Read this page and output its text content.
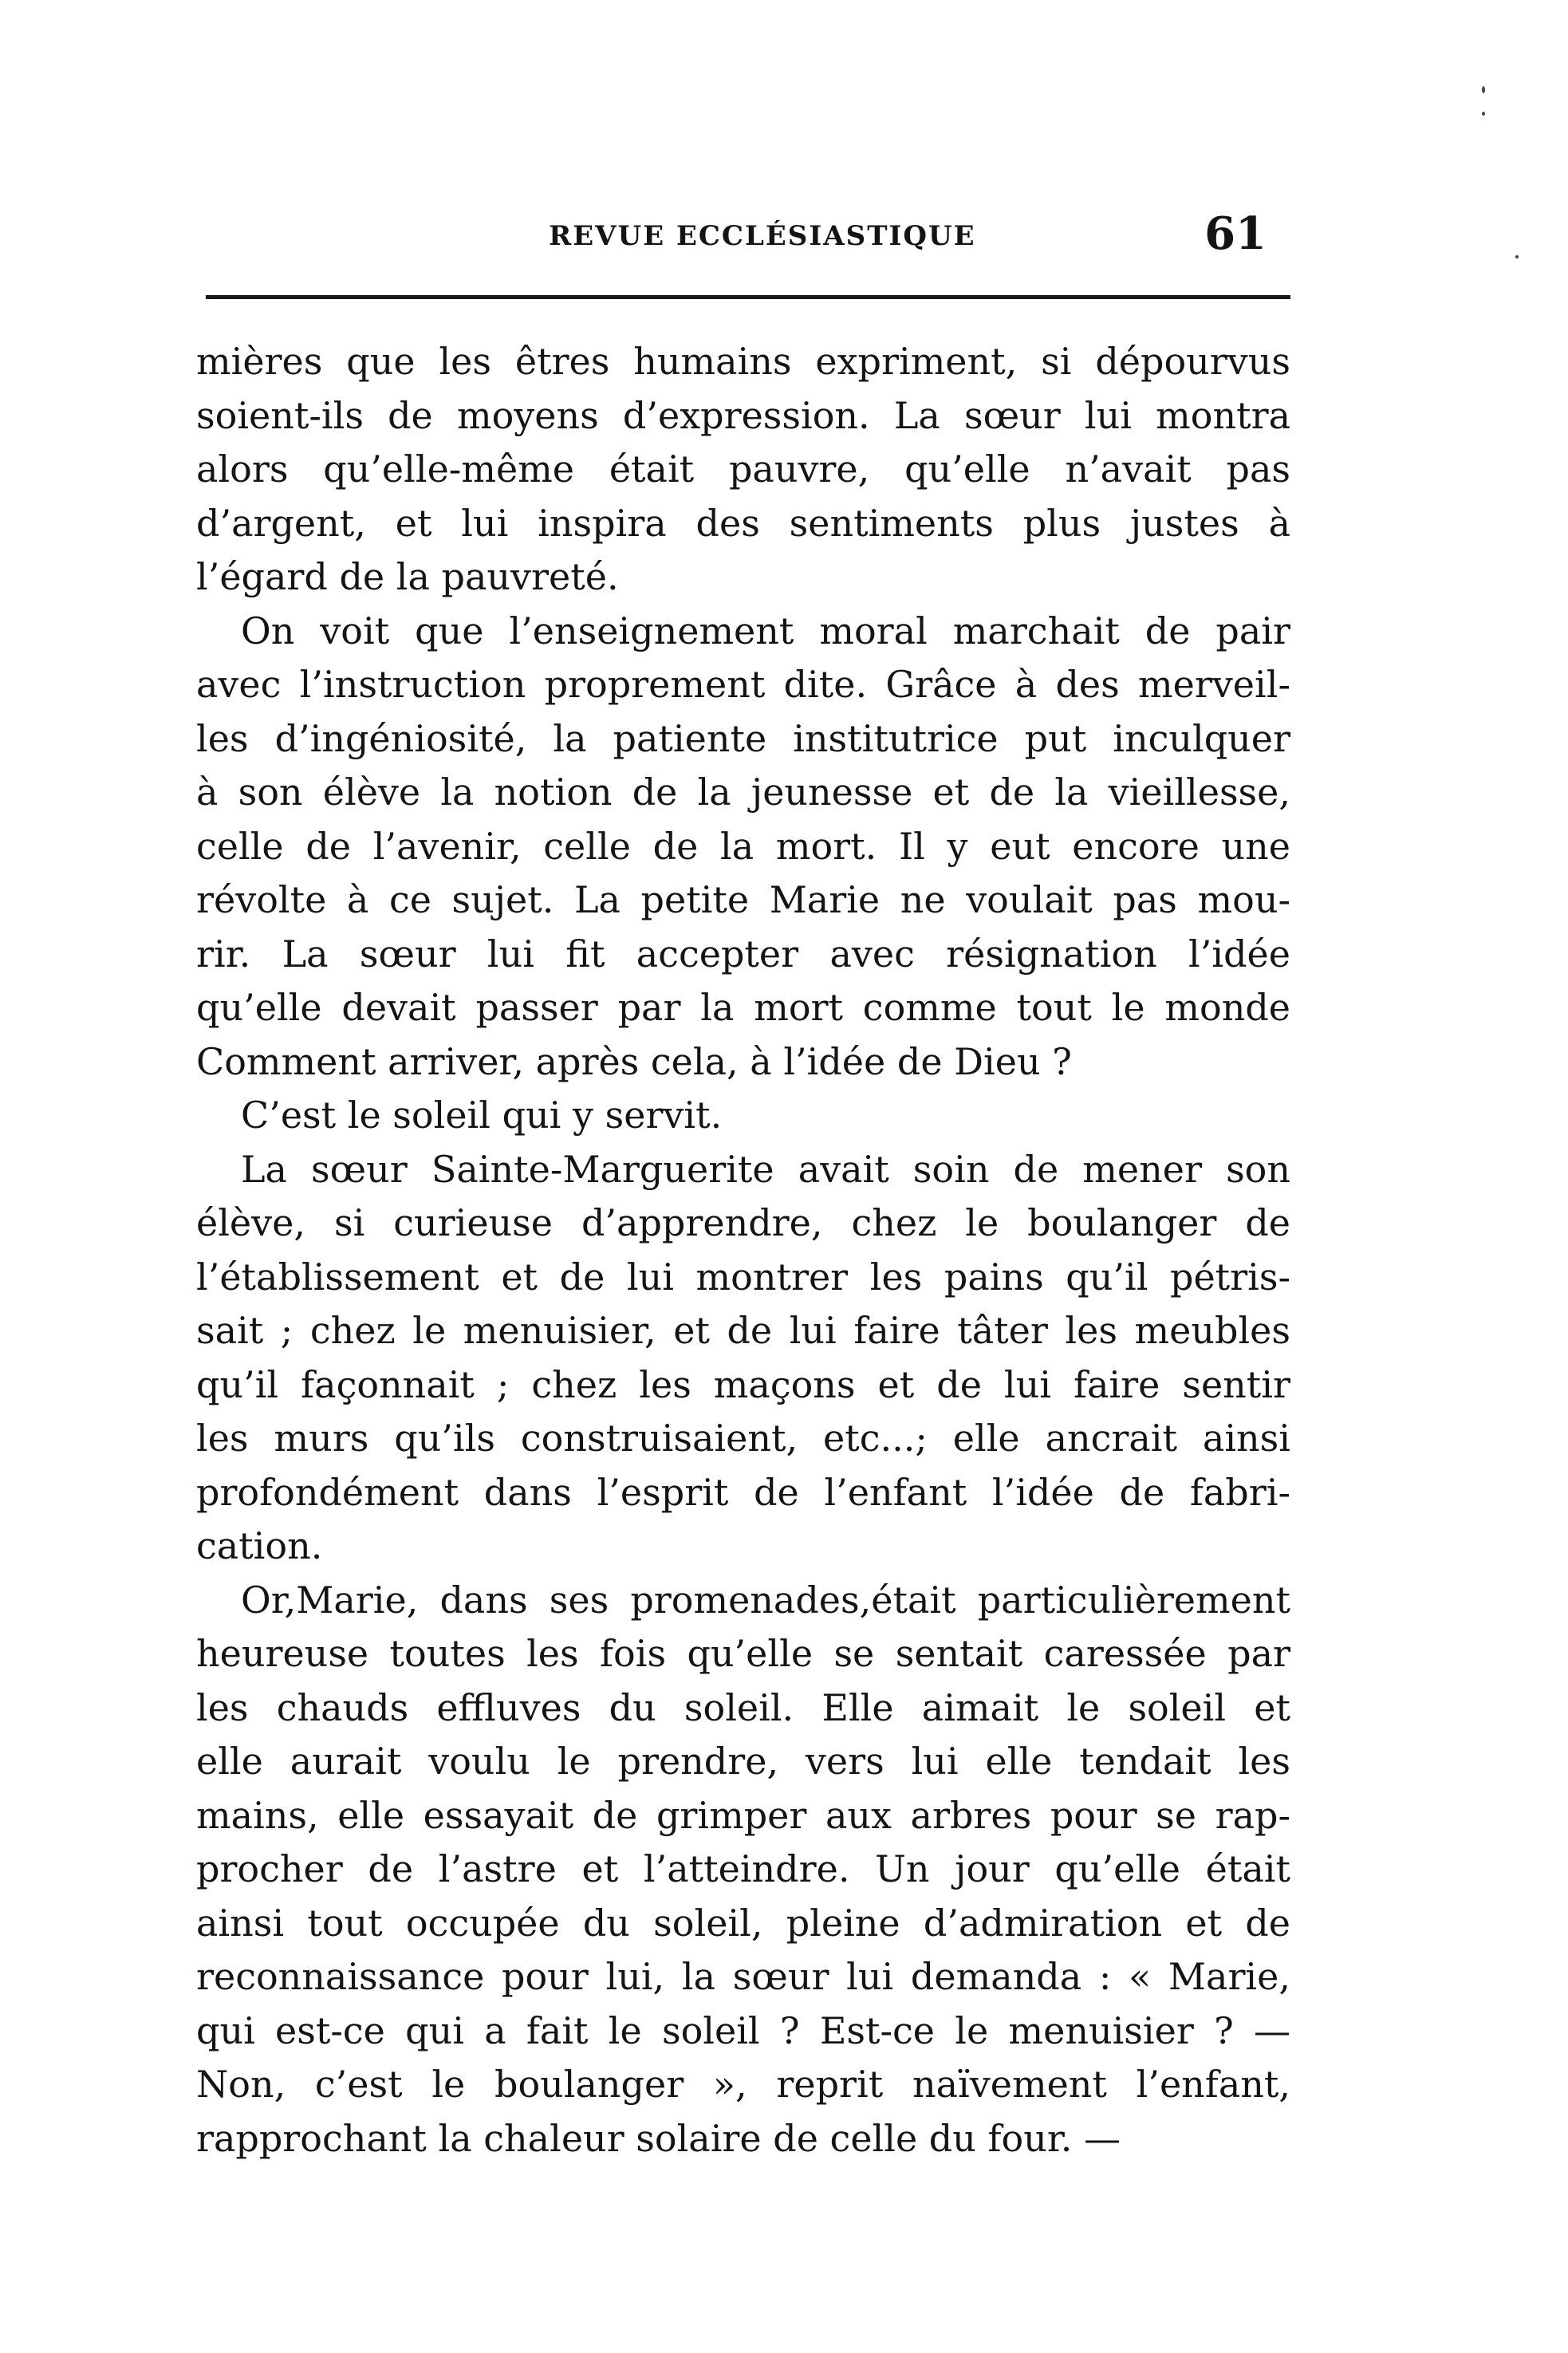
REVUE ECCLÉSIASTIQUE	61
mières que les êtres humains expriment, si dépourvus
soient-ils de moyens d’expression. La sœur lui montra
alors qu’elle-même était pauvre, qu’elle n’avait pas
d’argent, et lui inspira des sentiments plus justes à
l’égard de la pauvreté.
On voit que l’enseignement moral marchait de pair
avec l’instruction proprement dite. Grâce à des merveil-
les d’ingéniosité, la patiente institutrice put inculquer
à son élève la notion de la jeunesse et de la vieillesse,
celle de l’avenir, celle de la mort. Il y eut encore une
révolte à ce sujet. La petite Marie ne voulait pas mou-
rir. La sœur lui fit accepter avec résignation l’idée
qu’elle devait passer par la mort comme tout le monde
Comment arriver, après cela, à l’idée de Dieu ?
C’est le soleil qui y servit.
La sœur Sainte-Marguerite avait soin de mener son
élève, si curieuse d’apprendre, chez le boulanger de
l’établissement et de lui montrer les pains qu’il pétris-
sait ; chez le menuisier, et de lui faire tâter les meubles
qu’il façonnait ; chez les maçons et de lui faire sentir
les murs qu’ils construisaient, etc...; elle ancrait ainsi
profondément dans l’esprit de l’enfant l’idée de fabri-
cation.
Or,Marie, dans ses promenades,était particulièrement
heureuse toutes les fois qu’elle se sentait caressée par
les chauds effluves du soleil. Elle aimait le soleil et
elle aurait voulu le prendre, vers lui elle tendait les
mains, elle essayait de grimper aux arbres pour se rap-
procher de l’astre et l’atteindre. Un jour qu’elle était
ainsi tout occupée du soleil, pleine d’admiration et de
reconnaissance pour lui, la sœur lui demanda : « Marie,
qui est-ce qui a fait le soleil ? Est-ce le menuisier ? —
Non, c’est le boulanger », reprit naïvement l’enfant,
rapprochant la chaleur solaire de celle du four. —
